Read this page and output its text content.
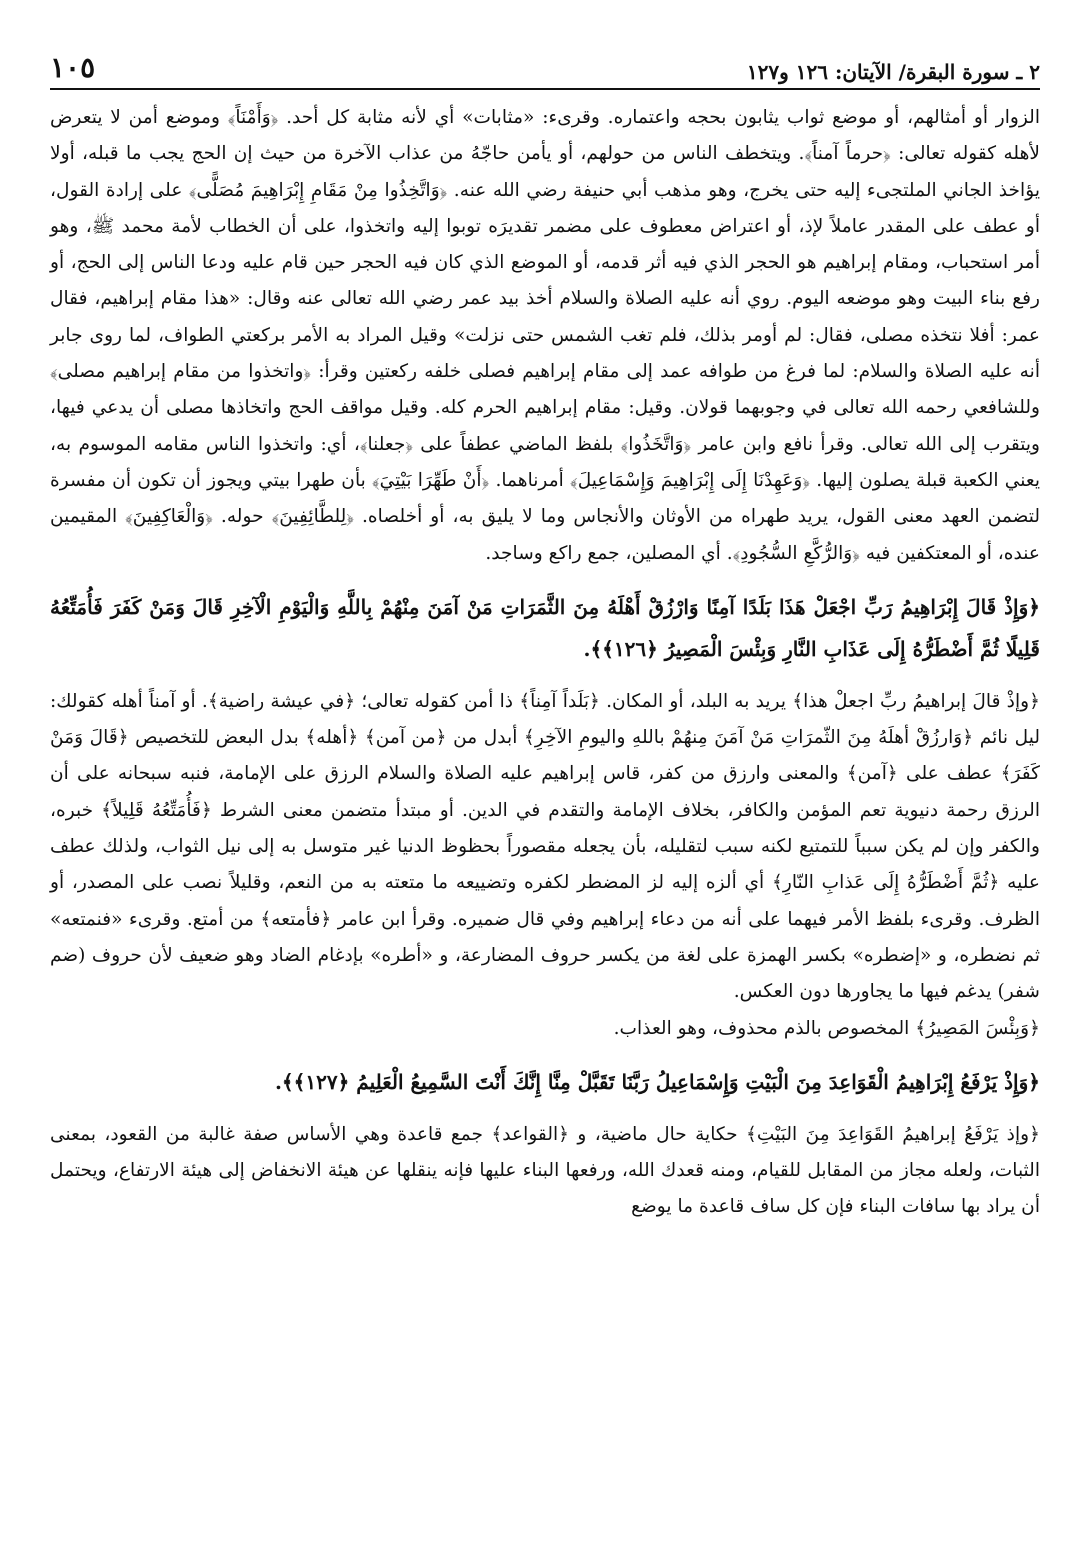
٢ ـ سورة البقرة/ الآيتان: ١٢٦ و١٢٧
١٠٥

الزوار أو أمثالهم، أو موضع ثواب يثابون بحجه واعتماره. وقرىء: «مثابات» أي لأنه مثابة كل أحد. ﴿وَأَمْنَاً﴾ وموضع أمن لا يتعرض لأهله كقوله تعالى: ﴿حرماً آمناً﴾. ويتخطف الناس من حولهم، أو يأمن حاجّهُ من عذاب الآخرة من حيث إن الحج يجب ما قبله، أولا يؤاخذ الجاني الملتجىء إليه حتى يخرج، وهو مذهب أبي حنيفة رضي الله عنه. ﴿وَاتَّخِذُوا مِنْ مَقَامِ إِبْرَاهِيمَ مُصَلًّى﴾ على إرادة القول، أو عطف على المقدر عاملاً لإذ، أو اعتراض معطوف على مضمر تقديرَه توبوا إليه واتخذوا، على أن الخطاب لأمة محمد ﷺ، وهو أمر استحباب، ومقام إبراهيم هو الحجر الذي فيه أثر قدمه، أو الموضع الذي كان فيه الحجر حين قام عليه ودعا الناس إلى الحج، أو رفع بناء البيت وهو موضعه اليوم. روي أنه عليه الصلاة والسلام أخذ بيد عمر رضي الله تعالى عنه وقال: «هذا مقام إبراهيم، فقال عمر: أفلا نتخذه مصلى، فقال: لم أومر بذلك، فلم تغب الشمس حتى نزلت» وقيل المراد به الأمر بركعتي الطواف، لما روى جابر أنه عليه الصلاة والسلام: لما فرغ من طوافه عمد إلى مقام إبراهيم فصلى خلفه ركعتين وقرأ: ﴿واتخذوا من مقام إبراهيم مصلى﴾ وللشافعي رحمه الله تعالى في وجوبهما قولان. وقيل: مقام إبراهيم الحرم كله. وقيل مواقف الحج واتخاذها مصلى أن يدعي فيها، ويتقرب إلى الله تعالى. وقرأ نافع وابن عامر ﴿وَاتَّخَذُوا﴾ بلفظ الماضي عطفاً على ﴿جعلنا﴾، أي: واتخذوا الناس مقامه الموسوم به، يعني الكعبة قبلة يصلون إليها. ﴿وَعَهِدْنَا إِلَى إِبْرَاهِيمَ وَإِسْمَاعِيلَ﴾ أمرناهما. ﴿أَنْ طَهِّرَا بَيْتِيَ﴾ بأن طهرا بيتي ويجوز أن تكون أن مفسرة لتضمن العهد معنى القول، يريد طهراه من الأوثان والأنجاس وما لا يليق به، أو أخلصاه. ﴿لِلطَّائِفِينَ﴾ حوله. ﴿وَالْعَاكِفِينَ﴾ المقيمين عنده، أو المعتكفين فيه ﴿وَالرُّكَّعِ السُّجُودِ﴾. أي المصلين، جمع راكع وساجد.

﴿وَإِذْ قَالَ إِبْرَاهِيمُ رَبِّ اجْعَلْ هَذَا بَلَدًا آمِنًا وَارْزُقْ أَهْلَهُ مِنَ الثَّمَرَاتِ مَنْ آمَنَ مِنْهُمْ بِاللَّهِ وَالْيَوْمِ الْآخِرِ قَالَ وَمَنْ كَفَرَ فَأُمَتِّعُهُ قَلِيلًا ثُمَّ أَضْطَرُّهُ إِلَى عَذَابِ النَّارِ وَبِئْسَ الْمَصِيرُ ﴿١٢٦﴾﴾.

﴿وإذْ قالَ إبراهيمُ ربِّ اجعلْ هذا﴾ يريد به البلد، أو المكان. ﴿بَلَداً آمِناً﴾ ذا أمن كقوله تعالى؛ ﴿في عيشة راضية﴾. أو آمناً أهله كقولك: ليل نائم ﴿وَارزُقْ أهلَهُ مِنَ الثّمرَاتِ مَنْ آمَنَ مِنهُمْ باللهِ واليومِ الآخِرِ﴾ أبدل من ﴿من آمن﴾ ﴿أهله﴾ بدل البعض للتخصيص ﴿قَالَ وَمَنْ كَفَرَ﴾ عطف على ﴿آمن﴾ والمعنى وارزق من كفر، قاس إبراهيم عليه الصلاة والسلام الرزق على الإمامة، فنبه سبحانه على أن الرزق رحمة دنيوية تعم المؤمن والكافر، بخلاف الإمامة والتقدم في الدين. أو مبتدأ متضمن معنى الشرط ﴿فَأُمَتِّعُهُ قَلِيلاً﴾ خبره، والكفر وإن لم يكن سبباً للتمتيع لكنه سبب لتقليله، بأن يجعله مقصوراً بحظوظ الدنيا غير متوسل به إلى نيل الثواب، ولذلك عطف عليه ﴿ثُمَّ أَضْطَرُّهُ إِلَى عَذابِ النّارِ﴾ أي ألزه إليه لز المضطر لكفره وتضييعه ما متعته به من النعم، وقليلاً نصب على المصدر، أو الظرف. وقرىء بلفظ الأمر فيهما على أنه من دعاء إبراهيم وفي قال ضميره. وقرأ ابن عامر ﴿فأمتعه﴾ من أمتع. وقرىء «فنمتعه» ثم نضطره، و «إضطره» بكسر الهمزة على لغة من يكسر حروف المضارعة، و «أطره» بإدغام الضاد وهو ضعيف لأن حروف (ضم شفر) يدغم فيها ما يجاورها دون العكس.

﴿وَبِئْسَ المَصِيرُ﴾ المخصوص بالذم محذوف، وهو العذاب.

﴿وَإِذْ يَرْفَعُ إِبْرَاهِيمُ الْقَوَاعِدَ مِنَ الْبَيْتِ وَإِسْمَاعِيلُ رَبَّنَا تَقَبَّلْ مِنَّا إِنَّكَ أَنْتَ السَّمِيعُ الْعَلِيمُ ﴿١٢٧﴾﴾.

﴿وإذ يَرْفَعُ إبراهيمُ القَوَاعِدَ مِنَ البَيْتِ﴾ حكاية حال ماضية، و ﴿القواعد﴾ جمع قاعدة وهي الأساس صفة غالبة من القعود، بمعنى الثبات، ولعله مجاز من المقابل للقيام، ومنه قعدك الله، ورفعها البناء عليها فإنه ينقلها عن هيئة الانخفاض إلى هيئة الارتفاع، ويحتمل أن يراد بها سافات البناء فإن كل ساف قاعدة ما يوضع
